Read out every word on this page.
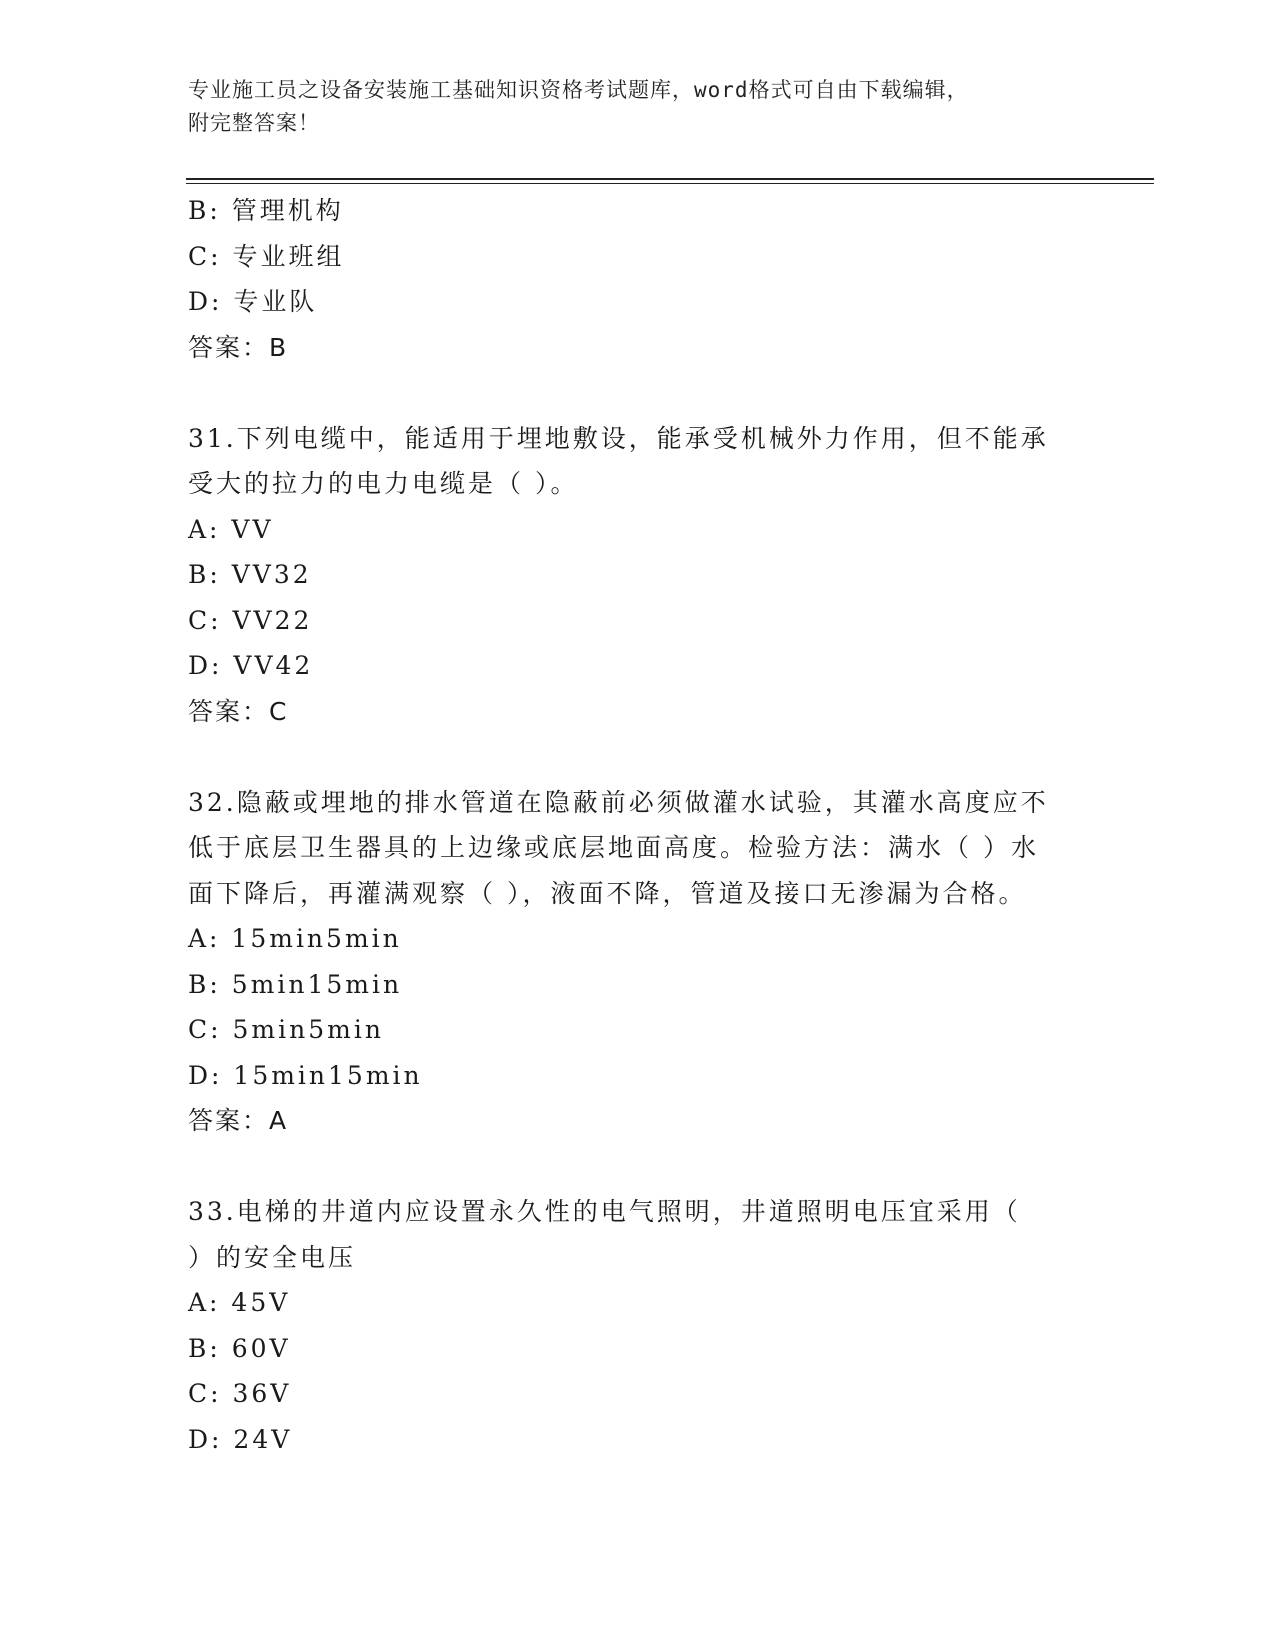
专业施工员之设备安装施工基础知识资格考试题库，word格式可自由下载编辑，
附完整答案！
B: 管理机构
C: 专业班组
D: 专业队
答案：B
31.下列电缆中，能适用于埋地敷设，能承受机械外力作用，但不能承
受大的拉力的电力电缆是（ ）。
A: VV
B: VV32
C: VV22
D: VV42
答案：C
32.隐蔽或埋地的排水管道在隐蔽前必须做灌水试验，其灌水高度应不
低于底层卫生器具的上边缘或底层地面高度。检验方法：满水（ ）水
面下降后，再灌满观察（ ），液面不降，管道及接口无渗漏为合格。
A: 15min5min
B: 5min15min
C: 5min5min
D: 15min15min
答案：A
33.电梯的井道内应设置永久性的电气照明，井道照明电压宜采用（
）的安全电压
A: 45V
B: 60V
C: 36V
D: 24V
